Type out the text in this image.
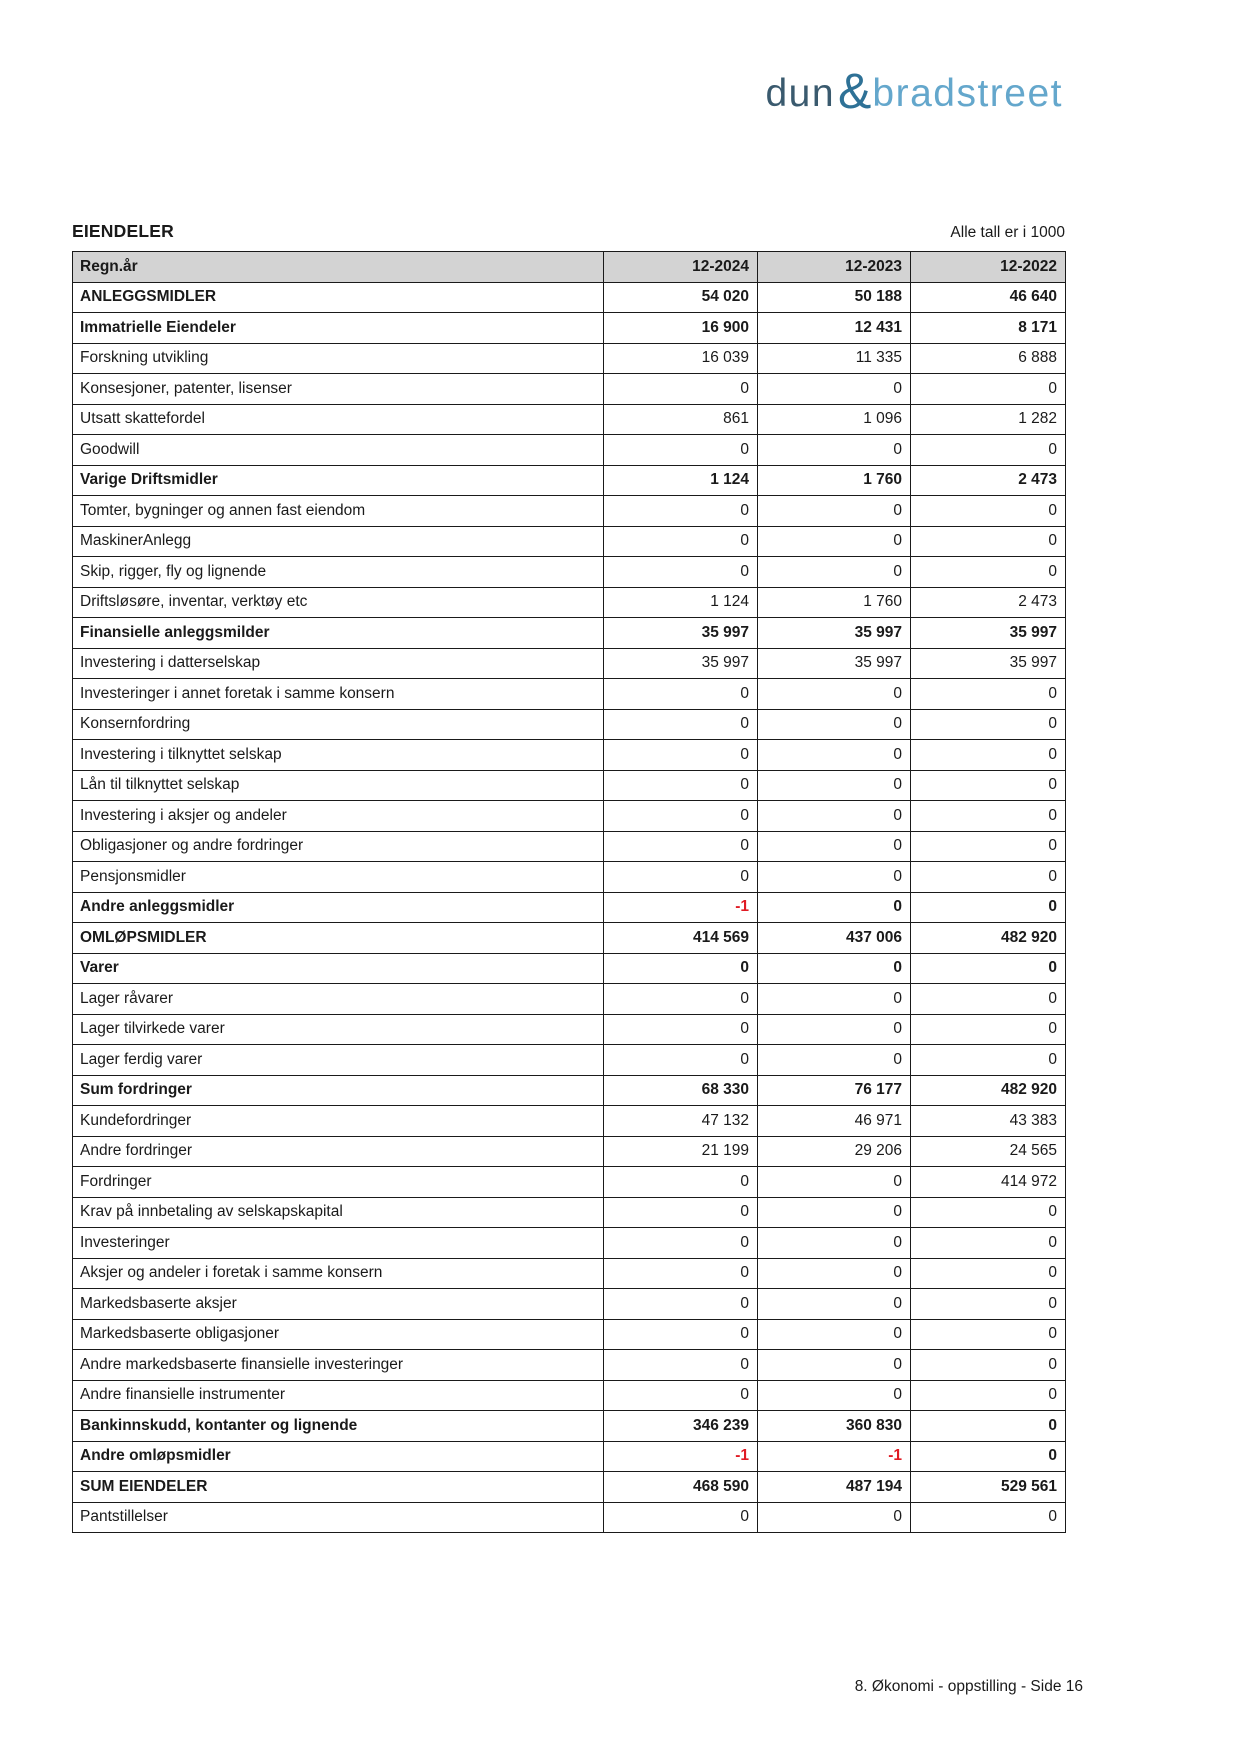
dun & bradstreet
EIENDELER	Alle tall er i 1000
Regn.år	12-2024	12-2023	12-2022
ANLEGGSMIDLER	54 020	50 188	46 640
Immatrielle Eiendeler	16 900	12 431	8 171
Forskning utvikling	16 039	11 335	6 888
Konsesjoner, patenter, lisenser	0	0	0
Utsatt skattefordel	861	1 096	1 282
Goodwill	0	0	0
Varige Driftsmidler	1 124	1 760	2 473
Tomter, bygninger og annen fast eiendom	0	0	0
MaskinerAnlegg	0	0	0
Skip, rigger, fly og lignende	0	0	0
Driftsløsøre, inventar, verktøy etc	1 124	1 760	2 473
Finansielle anleggsmilder	35 997	35 997	35 997
Investering i datterselskap	35 997	35 997	35 997
Investeringer i annet foretak i samme konsern	0	0	0
Konsernfordring	0	0	0
Investering i tilknyttet selskap	0	0	0
Lån til tilknyttet selskap	0	0	0
Investering i aksjer og andeler	0	0	0
Obligasjoner og andre fordringer	0	0	0
Pensjonsmidler	0	0	0
Andre anleggsmidler	-1	0	0
OMLØPSMIDLER	414 569	437 006	482 920
Varer	0	0	0
Lager råvarer	0	0	0
Lager tilvirkede varer	0	0	0
Lager ferdig varer	0	0	0
Sum fordringer	68 330	76 177	482 920
Kundefordringer	47 132	46 971	43 383
Andre fordringer	21 199	29 206	24 565
Fordringer	0	0	414 972
Krav på innbetaling av selskapskapital	0	0	0
Investeringer	0	0	0
Aksjer og andeler i foretak i samme konsern	0	0	0
Markedsbaserte aksjer	0	0	0
Markedsbaserte obligasjoner	0	0	0
Andre markedsbaserte finansielle investeringer	0	0	0
Andre finansielle instrumenter	0	0	0
Bankinnskudd, kontanter og lignende	346 239	360 830	0
Andre omløpsmidler	-1	-1	0
SUM EIENDELER	468 590	487 194	529 561
Pantstillelser	0	0	0
8. Økonomi - oppstilling - Side 16
